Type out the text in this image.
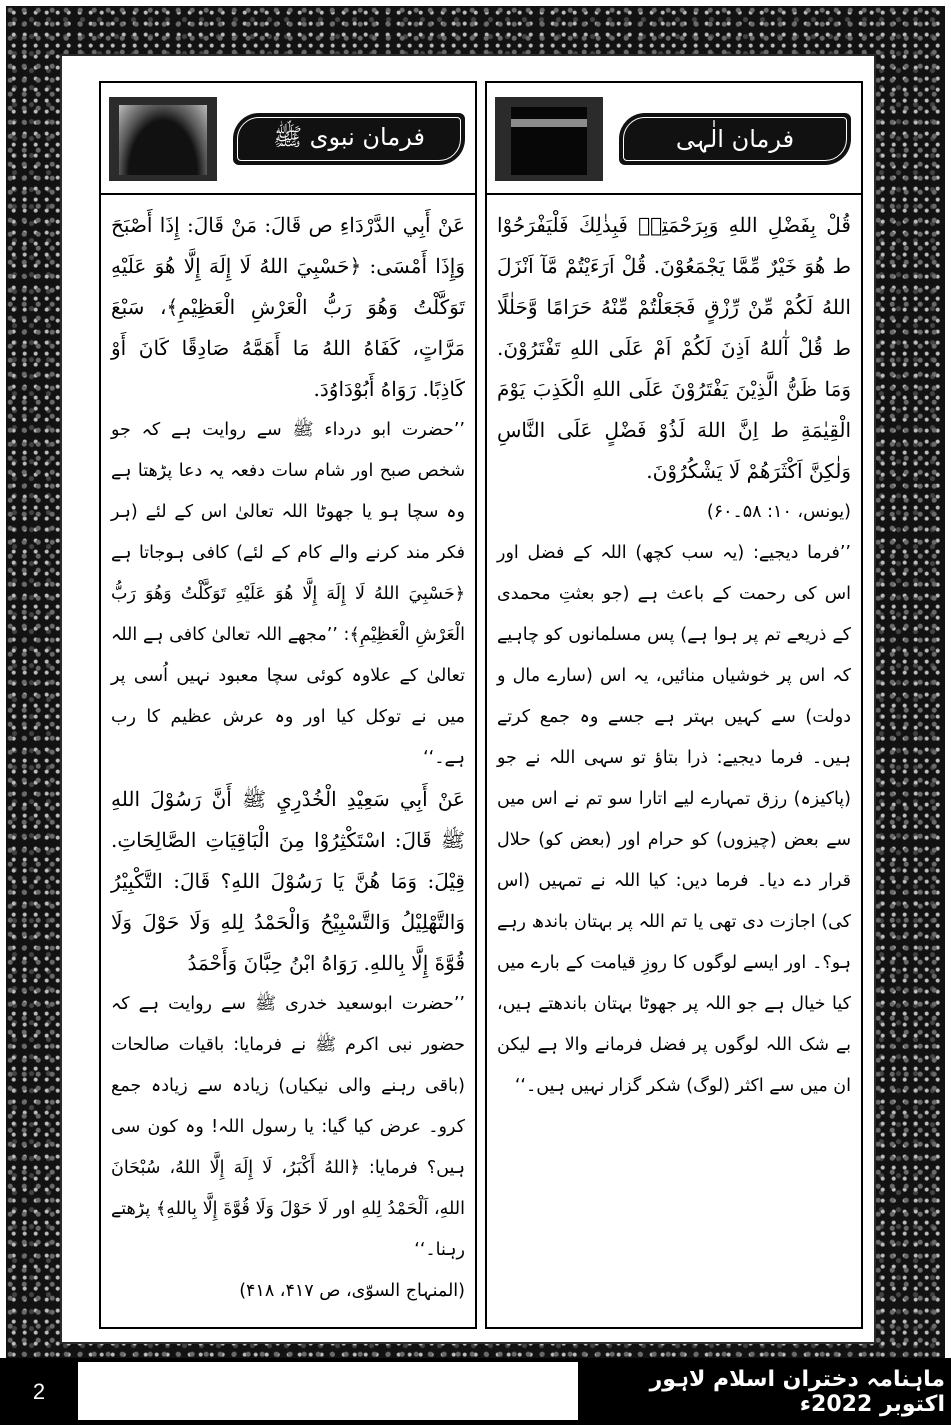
فرمان نبوی ﷺ

عَنْ أَبِي الدَّرْدَاءِ ص قَالَ: مَنْ قَالَ: إِذَا أَصْبَحَ وَإِذَا أَمْسَى: ﴿حَسْبِيَ اللهُ لَا إِلَهَ إِلَّا هُوَ عَلَيْهِ تَوَكَّلْتُ وَهُوَ رَبُّ الْعَرْشِ الْعَظِيْمِ﴾، سَبْعَ مَرَّاتٍ، كَفَاهُ اللهُ مَا أَهَمَّهُ صَادِقًا كَانَ أَوْ كَاذِبًا. رَوَاهُ أَبُوْدَاوُدَ.

’’حضرت ابو درداء ﷺ سے روایت ہے کہ جو شخص صبح اور شام سات دفعہ یہ دعا پڑھتا ہے وہ سچا ہو یا جھوٹا اللہ تعالیٰ اس کے لئے (ہر فکر مند کرنے والے کام کے لئے) کافی ہوجاتا ہے ﴿حَسْبِيَ اللهُ لَا إِلَهَ إِلَّا هُوَ عَلَيْهِ تَوَكَّلْتُ وَهُوَ رَبُّ الْعَرْشِ الْعَظِيْمِ﴾: ’’مجھے اللہ تعالیٰ کافی ہے اللہ تعالیٰ کے علاوہ کوئی سچا معبود نہیں اُسی پر میں نے توکل کیا اور وہ عرش عظیم کا رب ہے۔‘‘

عَنْ أَبِي سَعِيْدِ الْخُدْرِيِ ﷺ أَنَّ رَسُوْلَ اللهِ ﷺ قَالَ: اسْتَكْثِرُوْا مِنَ الْبَاقِيَاتِ الصَّالِحَاتِ. قِيْلَ: وَمَا هُنَّ يَا رَسُوْلَ اللهِ؟ قَالَ: التَّكْبِيْرُ وَالتَّهْلِيْلُ وَالتَّسْبِيْحُ وَالْحَمْدُ لِلهِ وَلَا حَوْلَ وَلَا قُوَّةَ إِلَّا بِاللهِ. رَوَاهُ ابْنُ حِبَّانَ وَأَحْمَدُ

’’حضرت ابوسعید خدری ﷺ سے روایت ہے کہ حضور نبی اکرم ﷺ نے فرمایا: باقیات صالحات (باقی رہنے والی نیکیاں) زیادہ سے زیادہ جمع کرو۔ عرض کیا گیا: یا رسول اللہ! وہ کون سی ہیں؟ فرمایا: ﴿اللهُ أَكْبَرُ، لَا إِلَهَ إِلَّا اللهُ، سُبْحَانَ اللهِ، اَلْحَمْدُ لِلهِ اور لَا حَوْلَ وَلَا قُوَّةَ إِلَّا بِاللهِ﴾ پڑھتے رہنا۔‘‘

(المنہاج السوّی، ص ۴۱۷، ۴۱۸)

فرمان الٰہی

قُلْ بِفَضْلِ اللهِ وَبِرَحْمَتِهٖ فَبِذٰلِكَ فَلْيَفْرَحُوْا ط هُوَ خَيْرٌ مِّمَّا يَجْمَعُوْنَ. قُلْ اَرَءَيْتُمْ مَّآ اَنْزَلَ اللهُ لَكُمْ مِّنْ رِّزْقٍ فَجَعَلْتُمْ مِّنْهُ حَرَامًا وَّحَلٰلًا ط قُلْ آٰللهُ اَذِنَ لَكُمْ اَمْ عَلَى اللهِ تَفْتَرُوْنَ. وَمَا ظَنُّ الَّذِيْنَ يَفْتَرُوْنَ عَلَى اللهِ الْكَذِبَ يَوْمَ الْقِيٰمَةِ ط اِنَّ اللهَ لَذُوْ فَضْلٍ عَلَى النَّاسِ وَلٰكِنَّ اَكْثَرَهُمْ لَا يَشْكُرُوْنَ.

(یونس، ۱۰: ۵۸۔۶۰)

’’فرما دیجیے: (یہ سب کچھ) اللہ کے فضل اور اس کی رحمت کے باعث ہے (جو بعثتِ محمدی کے ذریعے تم پر ہوا ہے) پس مسلمانوں کو چاہیے کہ اس پر خوشیاں منائیں، یہ اس (سارے مال و دولت) سے کہیں بہتر ہے جسے وہ جمع کرتے ہیں۔ فرما دیجیے: ذرا بتاؤ تو سہی اللہ نے جو (پاکیزہ) رزق تمہارے لیے اتارا سو تم نے اس میں سے بعض (چیزوں) کو حرام اور (بعض کو) حلال قرار دے دیا۔ فرما دیں: کیا اللہ نے تمہیں (اس کی) اجازت دی تھی یا تم اللہ پر بہتان باندھ رہے ہو؟۔ اور ایسے لوگوں کا روزِ قیامت کے بارے میں کیا خیال ہے جو اللہ پر جھوٹا بہتان باندھتے ہیں، بے شک اللہ لوگوں پر فضل فرمانے والا ہے لیکن ان میں سے اکثر (لوگ) شکر گزار نہیں ہیں۔‘‘

2	ماہنامہ دختران اسلام لاہور اکتوبر 2022ء
